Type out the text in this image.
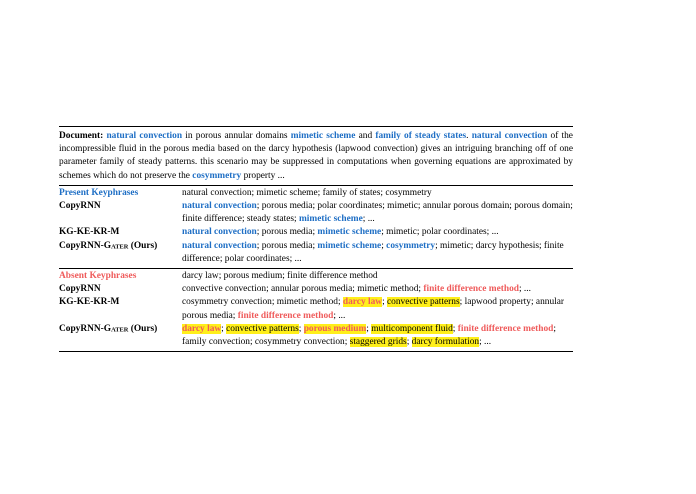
Document: natural convection in porous annular domains mimetic scheme and family of steady states. natural convection of the incompressible fluid in the porous media based on the darcy hypothesis (lapwood convection) gives an intriguing branching off of one parameter family of steady patterns. this scenario may be suppressed in computations when governing equations are approximated by schemes which do not preserve the cosymmetry property ...
Present Keyphrases	natural convection; mimetic scheme; family of states; cosymmetry
CopyRNN	natural convection; porous media; polar coordinates; mimetic; annular porous domain; porous domain; finite difference; steady states; mimetic scheme; ...
KG-KE-KR-M	natural convection; porous media; mimetic scheme; mimetic; polar coordinates; ...
CopyRNN-GATER (Ours)	natural convection; porous media; mimetic scheme; cosymmetry; mimetic; darcy hypothesis; finite difference; polar coordinates; ...
Absent Keyphrases	darcy law; porous medium; finite difference method
CopyRNN	convective convection; annular porous media; mimetic method; finite difference method; ...
KG-KE-KR-M	cosymmetry convection; mimetic method; darcy law; convective patterns; lapwood property; annular porous media; finite difference method; ...
CopyRNN-GATER (Ours)	darcy law; convective patterns; porous medium; multicomponent fluid; finite difference method; family convection; cosymmetry convection; staggered grids; darcy formulation; ...
